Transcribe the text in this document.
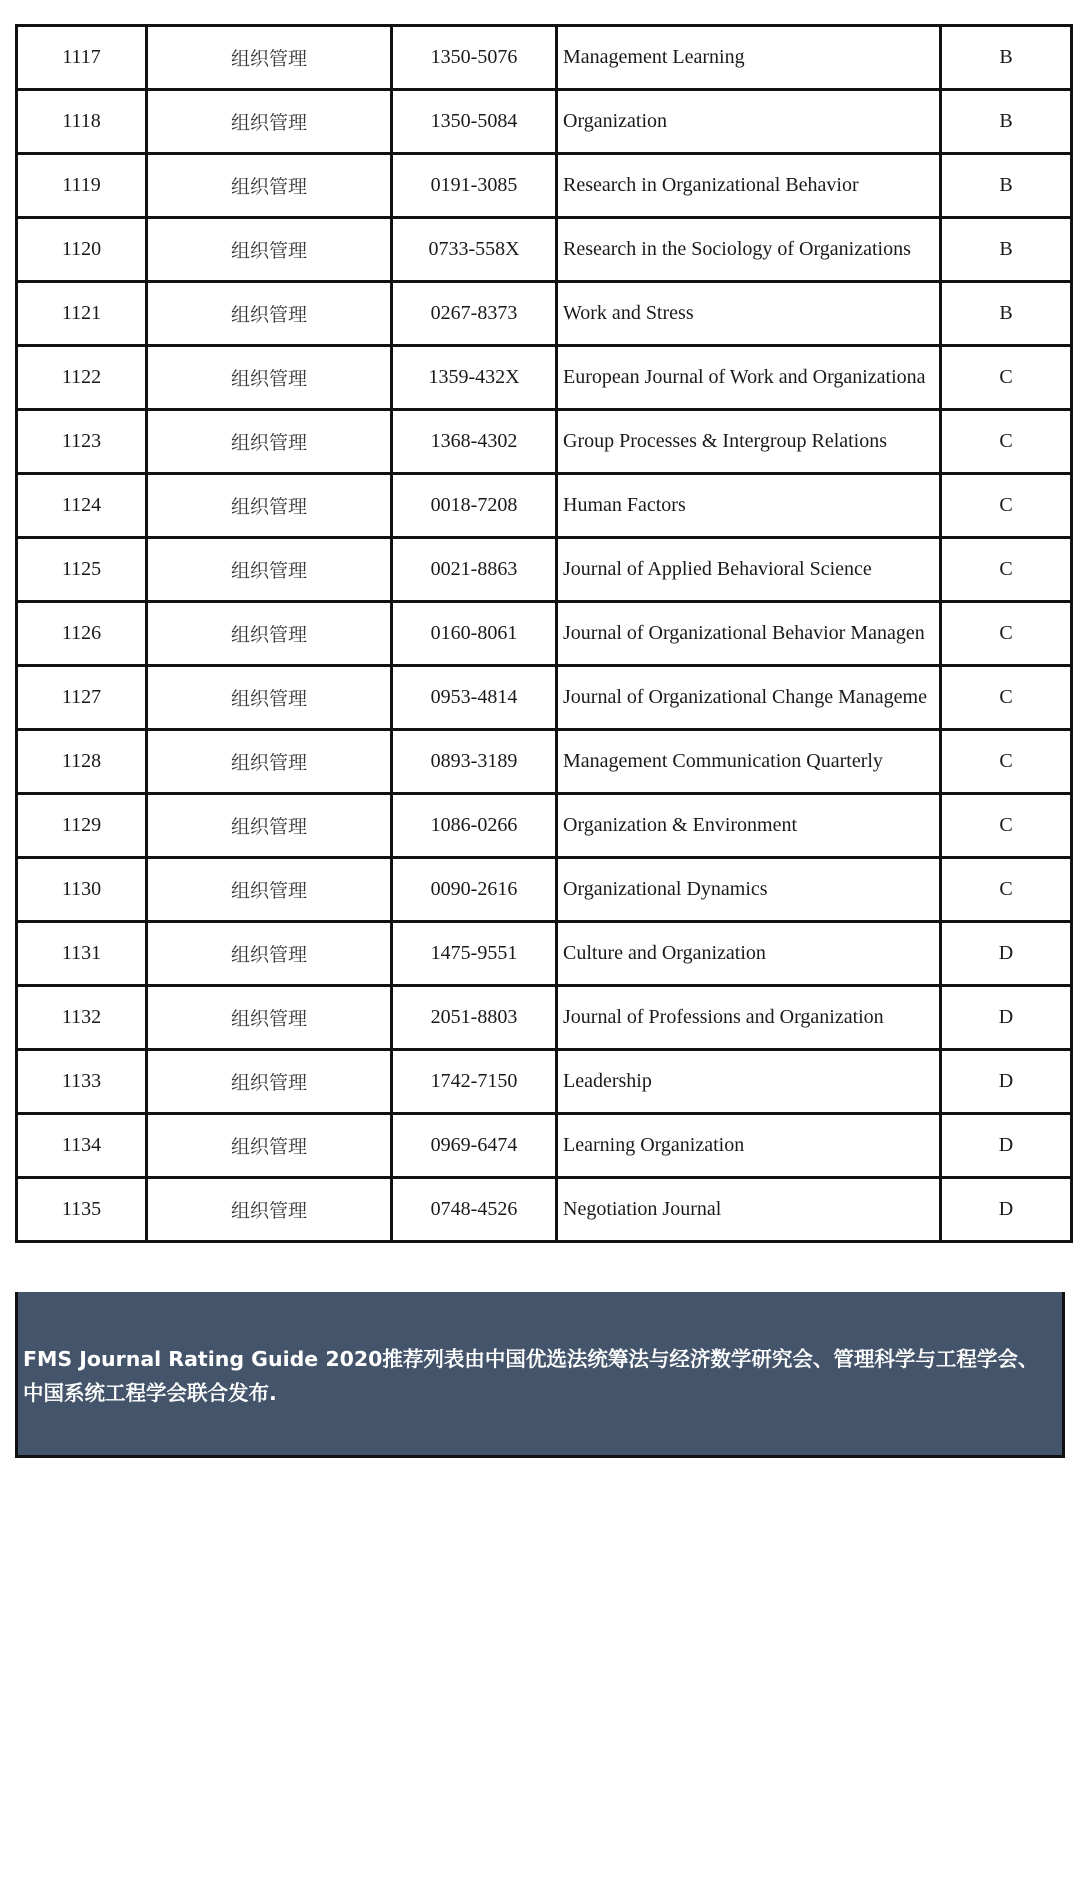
1117	组织管理	1350-5076	Management Learning	B
1118	组织管理	1350-5084	Organization	B
1119	组织管理	0191-3085	Research in Organizational Behavior	B
1120	组织管理	0733-558X	Research in the Sociology of Organizations	B
1121	组织管理	0267-8373	Work and Stress	B
1122	组织管理	1359-432X	European Journal of Work and Organizationa	C
1123	组织管理	1368-4302	Group Processes & Intergroup Relations	C
1124	组织管理	0018-7208	Human Factors	C
1125	组织管理	0021-8863	Journal of Applied Behavioral Science	C
1126	组织管理	0160-8061	Journal of Organizational Behavior Managen	C
1127	组织管理	0953-4814	Journal of Organizational Change Manageme	C
1128	组织管理	0893-3189	Management Communication Quarterly	C
1129	组织管理	1086-0266	Organization & Environment	C
1130	组织管理	0090-2616	Organizational Dynamics	C
1131	组织管理	1475-9551	Culture and Organization	D
1132	组织管理	2051-8803	Journal of Professions and Organization	D
1133	组织管理	1742-7150	Leadership	D
1134	组织管理	0969-6474	Learning Organization	D
1135	组织管理	0748-4526	Negotiation Journal	D
FMS Journal Rating Guide 2020推荐列表由中国优选法统筹法与经济数学研究会、管理科学与工程学会、中国系统工程学会联合发布.
